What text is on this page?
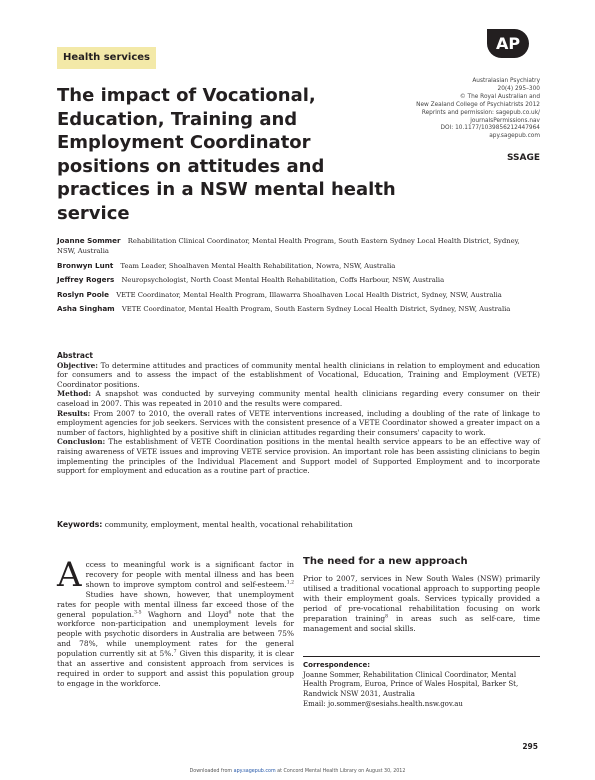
Health services
AP
The impact of Vocational, Education, Training and Employment Coordinator positions on attitudes and practices in a NSW mental health service
Australasian Psychiatry
20(4) 295–300
© The Royal Australian and
New Zealand College of Psychiatrists 2012
Reprints and permission: sagepub.co.uk/
journalsPermissions.nav
DOI: 10.1177/1039856212447964
apy.sagepub.com
SSAGE
Joanne Sommer Rehabilitation Clinical Coordinator, Mental Health Program, South Eastern Sydney Local Health District, Sydney, NSW, Australia
Bronwyn Lunt Team Leader, Shoalhaven Mental Health Rehabilitation, Nowra, NSW, Australia
Jeffrey Rogers Neuropsychologist, North Coast Mental Health Rehabilitation, Coffs Harbour, NSW, Australia
Roslyn Poole VETE Coordinator, Mental Health Program, Illawarra Shoalhaven Local Health District, Sydney, NSW, Australia
Asha Singham VETE Coordinator, Mental Health Program, South Eastern Sydney Local Health District, Sydney, NSW, Australia
Abstract
Objective: To determine attitudes and practices of community mental health clinicians in relation to employment and education for consumers and to assess the impact of the establishment of Vocational, Education, Training and Employment (VETE) Coordinator positions.
Method: A snapshot was conducted by surveying community mental health clinicians regarding every consumer on their caseload in 2007. This was repeated in 2010 and the results were compared.
Results: From 2007 to 2010, the overall rates of VETE interventions increased, including a doubling of the rate of linkage to employment agencies for job seekers. Services with the consistent presence of a VETE Coordinator showed a greater impact on a number of factors, highlighted by a positive shift in clinician attitudes regarding their consumers' capacity to work.
Conclusion: The establishment of VETE Coordination positions in the mental health service appears to be an effective way of raising awareness of VETE issues and improving VETE service provision. An important role has been assisting clinicians to begin implementing the principles of the Individual Placement and Support model of Supported Employment and to incorporate support for employment and education as a routine part of practice.
Keywords: community, employment, mental health, vocational rehabilitation
Access to meaningful work is a significant factor in recovery for people with mental illness and has been shown to improve symptom control and self-esteem.$^{1,2}$ Studies have shown, however, that unemployment rates for people with mental illness far exceed those of the general population.$^{3-5}$ Waghorn and Lloyd$^6$ note that the workforce non-participation and unemployment levels for people with psychotic disorders in Australia are between 75% and 78%, while unemployment rates for the general population currently sit at 5%.$^7$ Given this disparity, it is clear that an assertive and consistent approach from services is required in order to support and assist this population group to engage in the workforce.
The need for a new approach
Prior to 2007, services in New South Wales (NSW) primarily utilised a traditional vocational approach to supporting people with their employment goals. Services typically provided a period of pre-vocational rehabilitation focusing on work preparation training$^8$ in areas such as self-care, time management and social skills.
Correspondence:
Joanne Sommer, Rehabilitation Clinical Coordinator, Mental Health Program, Euroa, Prince of Wales Hospital, Barker St, Randwick NSW 2031, Australia
Email: jo.sommer@sesiahs.health.nsw.gov.au
295
Downloaded from apy.sagepub.com at Concord Mental Health Library on August 30, 2012
